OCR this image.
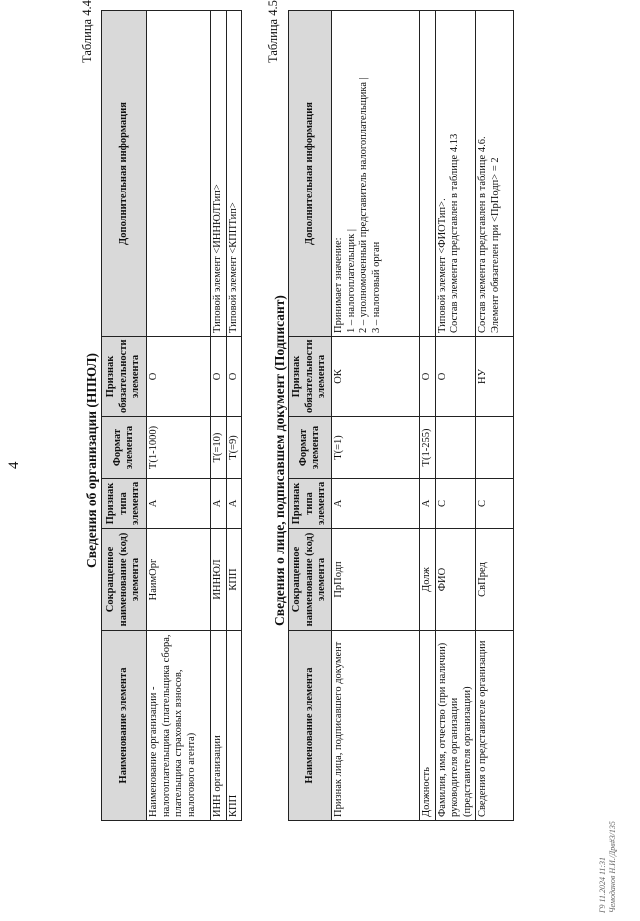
4
Таблица 4.4
Сведения об организации (НПЮЛ)
Наименование элемента	Сокращенное наименование (код) элемента	Признак типа элемента	Формат элемента	Признак обязательности элемента	Дополнительная информация
Наименование организации - налогоплательщика (плательщика сбора, плательщика страховых взносов, налогового агента)	НаимОрг	А	Т(1-1000)	О	
ИНН организации	ИННЮЛ	А	Т(=10)	О	Типовой элемент <ИННЮЛТип>
КПП	КПП	А	Т(=9)	О	Типовой элемент <КППТип>
Таблица 4.5
Сведения о лице, подписавшем документ (Подписант)
Наименование элемента	Сокращенное наименование (код) элемента	Признак типа элемента	Формат элемента	Признак обязательности элемента	Дополнительная информация
Признак лица, подписавшего документ	ПрПодп	А	Т(=1)	ОК	Принимает значение:
1 – налогоплательщик |
2 – уполномоченный представитель налогоплательщика |
3 – налоговый орган
Должность	Долж	А	Т(1-255)	О	
Фамилия, имя, отчество (при наличии) руководителя организации (представителя организации)	ФИО	С		О	Типовой элемент <ФИОТип>.
Состав элемента представлен в таблице 4.13
Сведения о представителе организации	СвПред	С		НУ	Состав элемента представлен в таблице 4.6.
Элемент обязателен при <ПрПодп> = 2
Г9 11.2024 11:31
Чемоданов Н.И./Дрв#3/135
